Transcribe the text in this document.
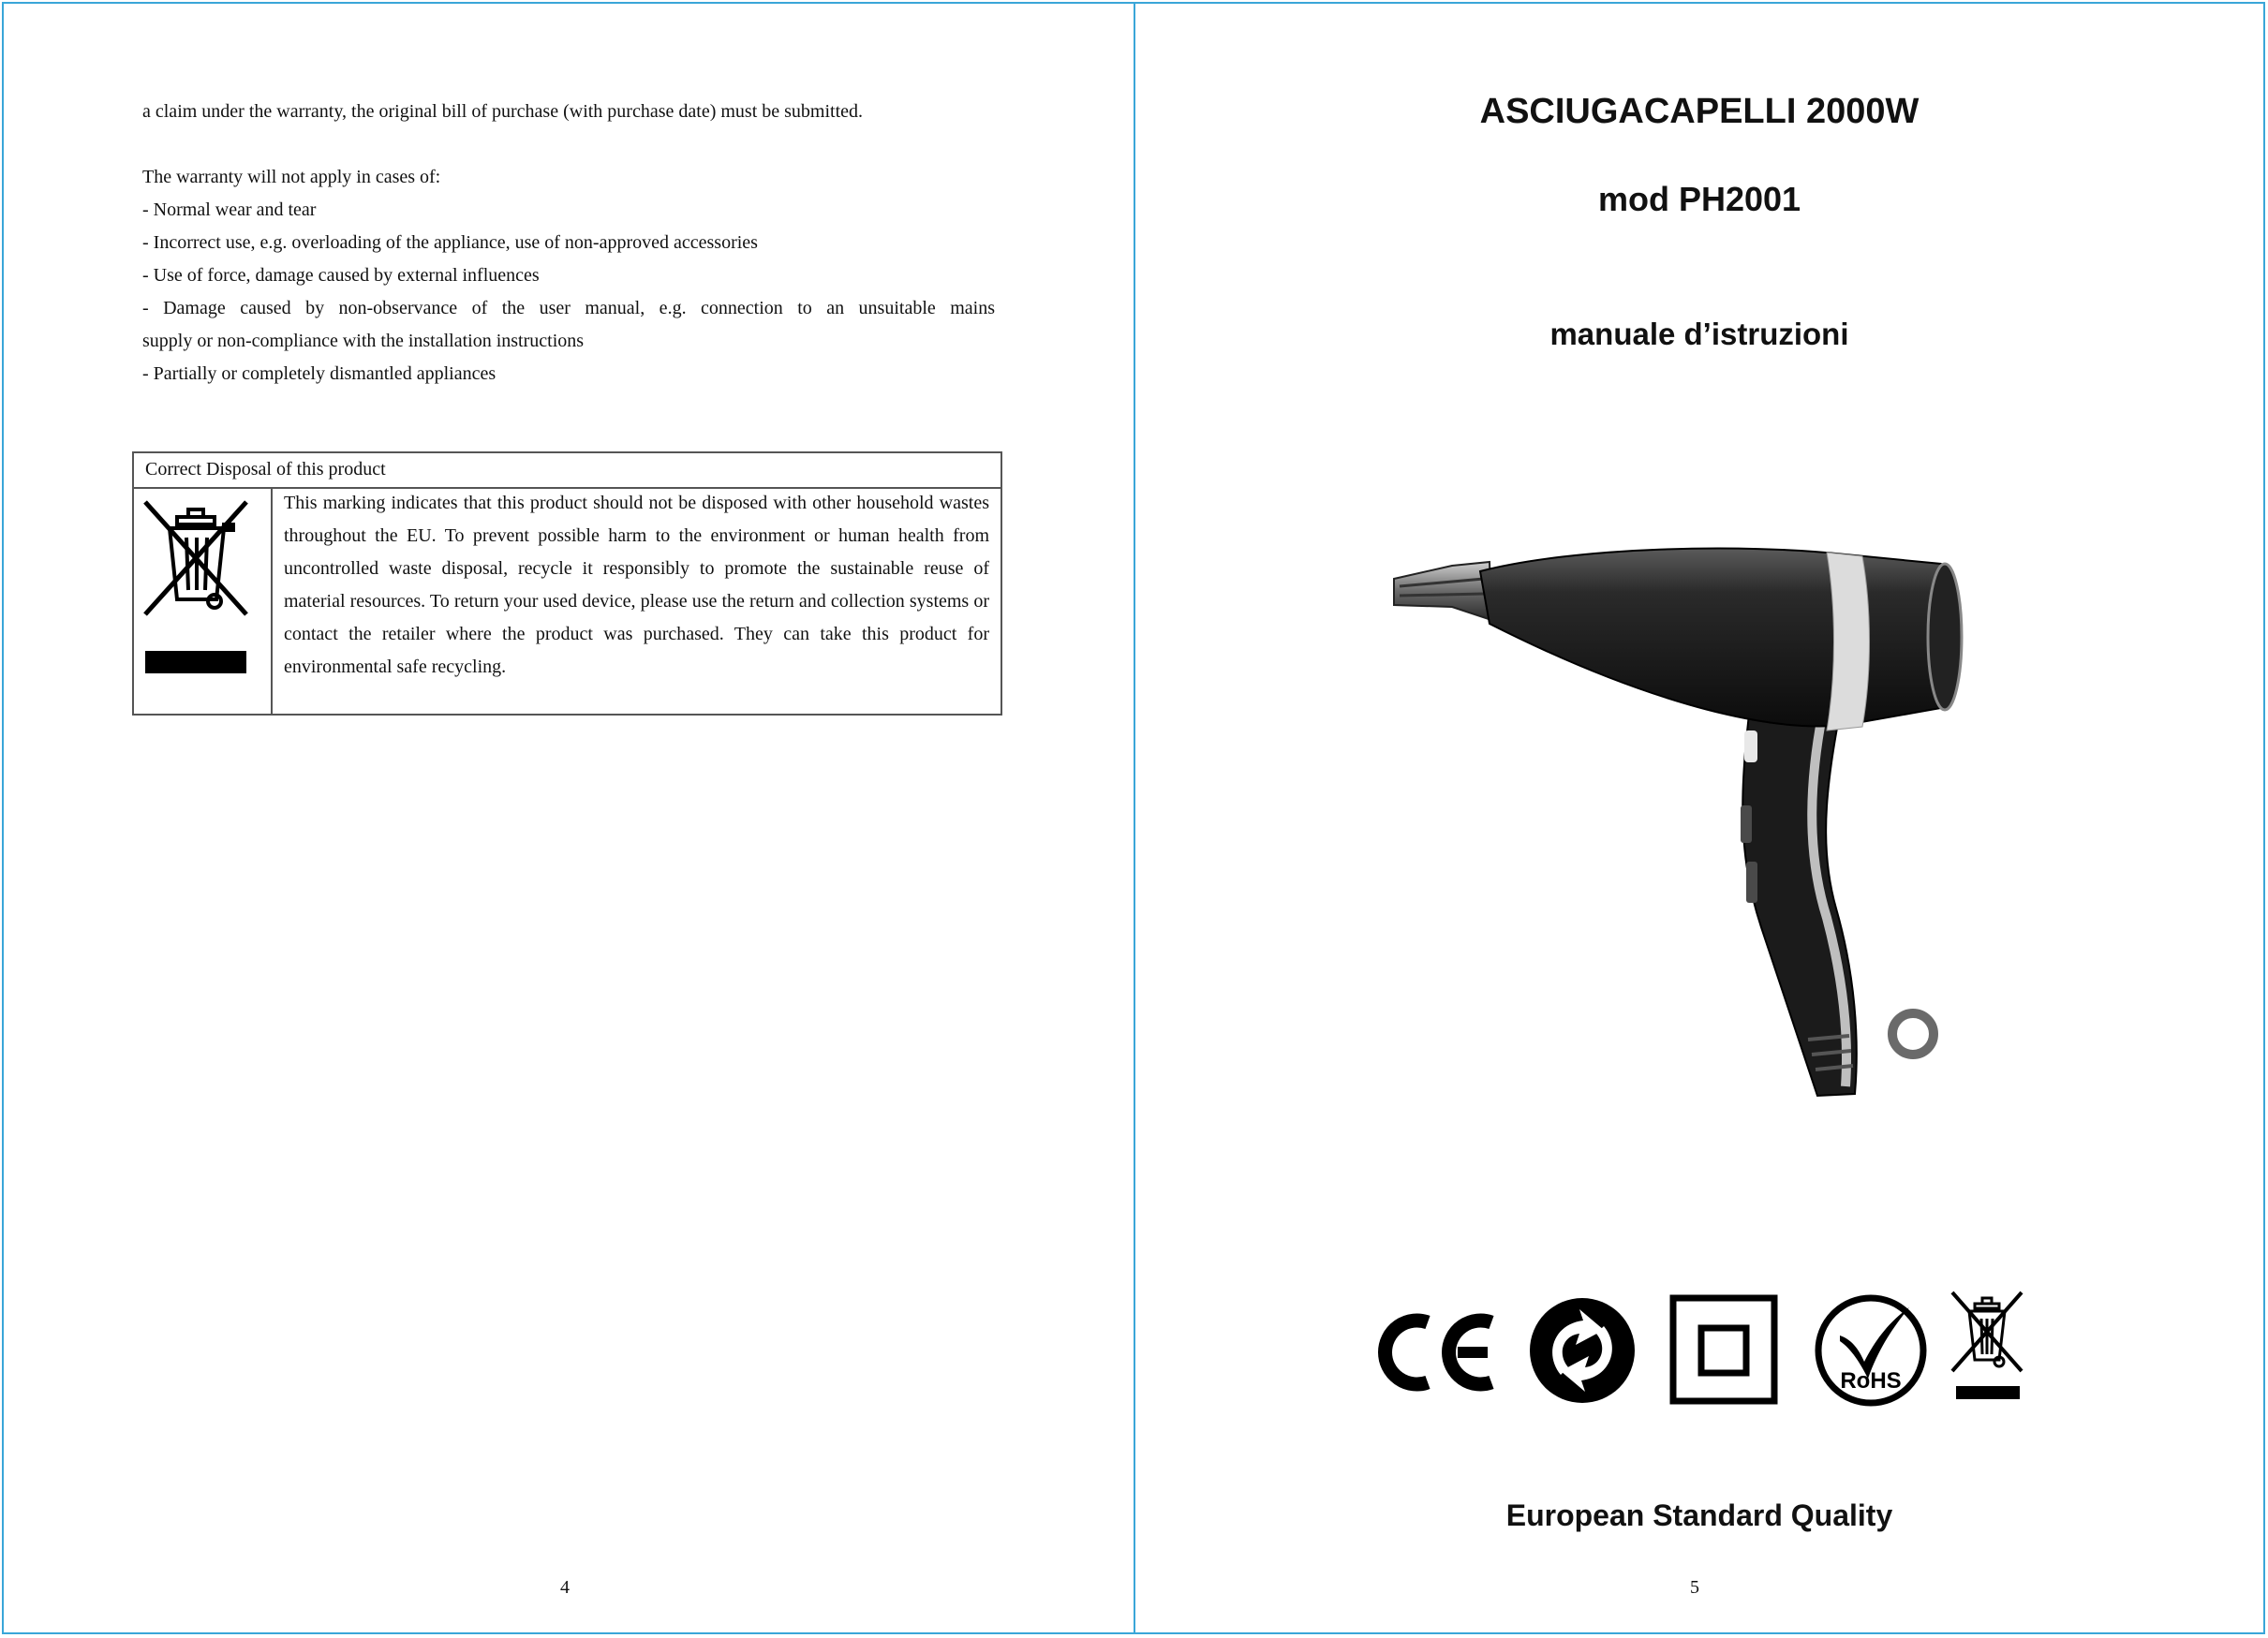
a claim under the warranty, the original bill of purchase (with purchase date) must be submitted.

The warranty will not apply in cases of:

- Normal wear and tear

- Incorrect use, e.g. overloading of the appliance, use of non-approved accessories

- Use of force, damage caused by external influences

- Damage caused by non-observance of the user manual, e.g. connection to an unsuitable mains

supply or non-compliance with the installation instructions

- Partially or completely dismantled appliances

Correct Disposal of this product
This marking indicates that this product should not be disposed with other household wastes throughout the EU. To prevent possible harm to the environment or human health from uncontrolled waste disposal, recycle it responsibly to promote the sustainable reuse of material resources. To return your used device, please use the return and collection systems or contact the retailer where the product was purchased. They can take this product for environmental safe recycling.
4
ASCIUGACAPELLI 2000W
mod PH2001
manuale d’istruzioni
RoHS
European Standard Quality
5
